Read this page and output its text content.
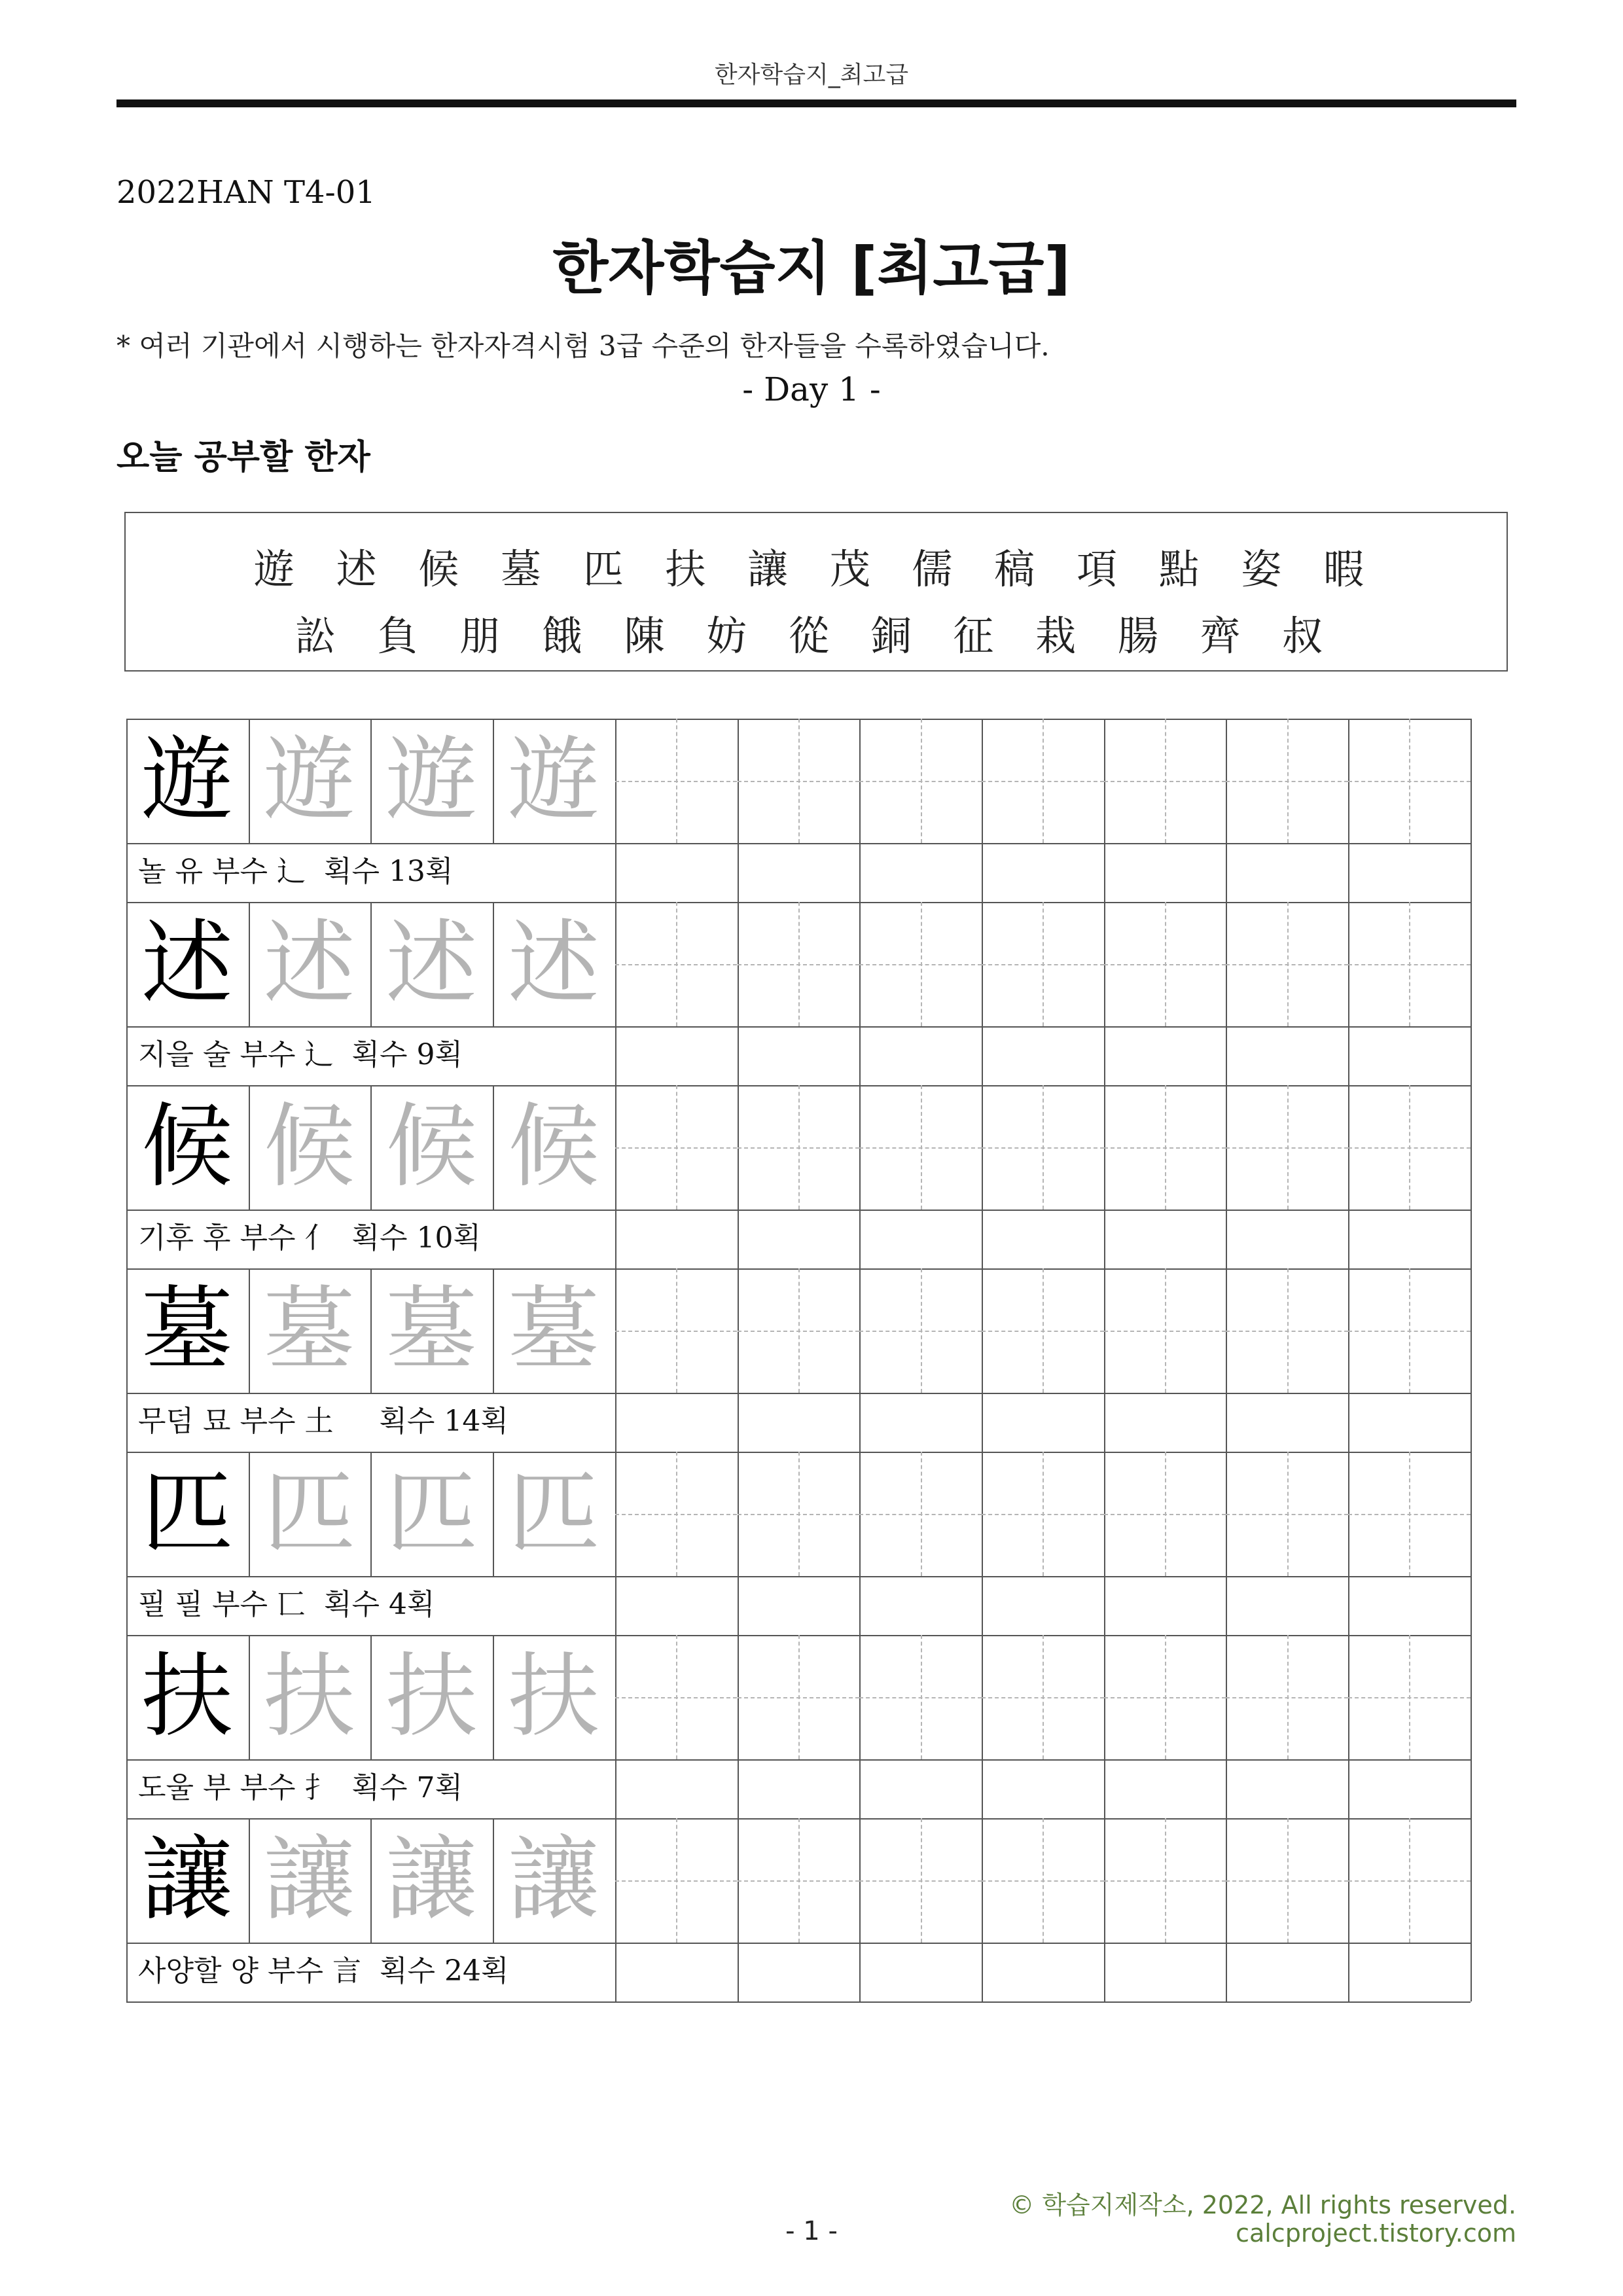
한자학습지_최고급
2022HAN T4-01
한자학습지 [최고급]
* 여러 기관에서 시행하는 한자자격시험 3급 수준의 한자들을 수록하였습니다.
- Day 1 -
오늘 공부할 한자
遊 述 候 墓 匹 扶 讓 茂 儒 稿 項 點 姿 暇
訟 負 朋 餓 陳 妨 從 銅 征 栽 腸 齊 叔
遊 遊 遊 遊
놀 유 부수 辶  획수 13획
述 述 述 述
지을 술 부수 辶  획수 9획
候 候 候 候
기후 후 부수 亻  획수 10획
墓 墓 墓 墓
무덤 묘 부수 土     획수 14획
匹 匹 匹 匹
필 필 부수 匸  획수 4획
扶 扶 扶 扶
도울 부 부수 扌  획수 7획
讓 讓 讓 讓
사양할 양 부수 言  획수 24획
© 학습지제작소, 2022, All rights reserved.
calcproject.tistory.com
- 1 -
